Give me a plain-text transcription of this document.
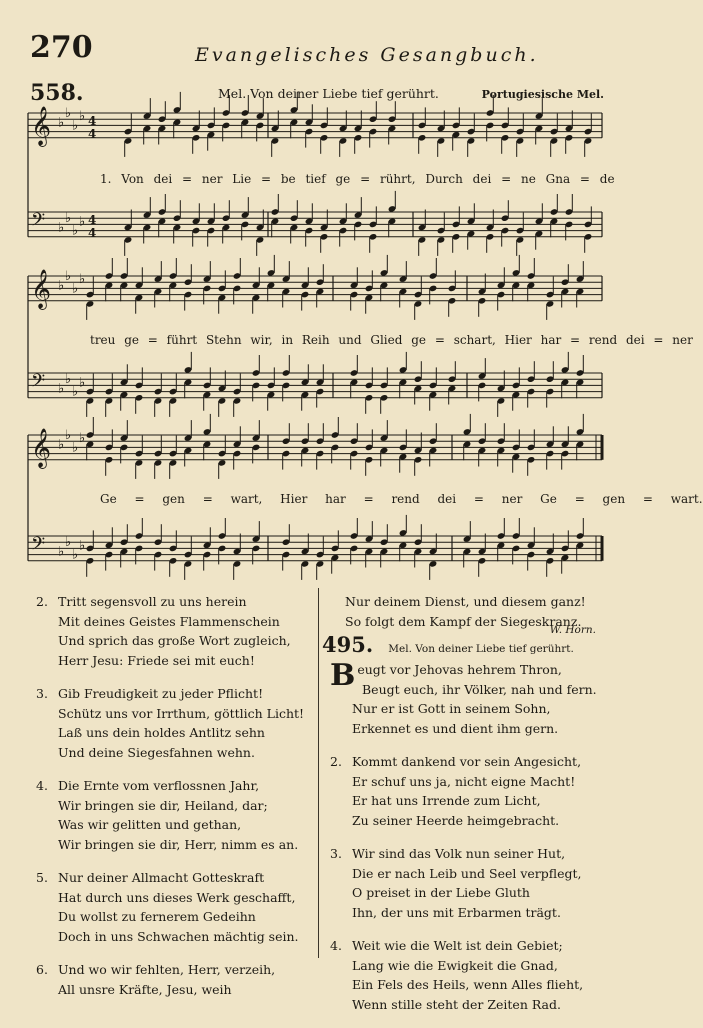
270	Evangelisches Gesangbuch.
558.	Mel. Von deiner Liebe tief gerührt.	Portugiesische Mel.
𝄞 ♭
♭
♭
♭ 4
4
𝄢 ♭
♭
♭
♭ 4
4
𝄞 ♭
♭
♭
♭
𝄢 ♭
♭
♭
♭
𝄞 ♭
♭
♭
♭
𝄢 ♭
♭
♭
♭
1. Von dei = ner Lie = be tief ge = rührt, Durch dei = ne Gna = de
treu ge = führt Stehn wir, in Reih und Glied ge = schart, Hier har = rend dei = ner
Ge = gen = wart, Hier har = rend dei = ner Ge = gen = wart.
2. Tritt segensvoll zu uns herein
Mit deines Geistes Flammenschein
Und sprich das große Wort zugleich,
Herr Jesu: Friede sei mit euch!
3. Gib Freudigkeit zu jeder Pflicht!
Schütz uns vor Irrthum, göttlich Licht!
Laß uns dein holdes Antlitz sehn
Und deine Siegesfahnen wehn.
4. Die Ernte vom verflossnen Jahr,
Wir bringen sie dir, Heiland, dar;
Was wir gelitten und gethan,
Wir bringen sie dir, Herr, nimm es an.
5. Nur deiner Allmacht Gotteskraft
Hat durch uns dieses Werk geschafft,
Du wollst zu fernerem Gedeihn
Doch in uns Schwachen mächtig sein.
6. Und wo wir fehlten, Herr, verzeih,
All unsre Kräfte, Jesu, weih
Nur deinem Dienst, und diesem ganz!
So folgt dem Kampf der Siegeskranz.
W. Horn.
495. Mel. Von deiner Liebe tief gerührt.
B eugt vor Jehovas hehrem Thron,
Beugt euch, ihr Völker, nah und fern.
Nur er ist Gott in seinem Sohn,
Erkennet es und dient ihm gern.
2. Kommt dankend vor sein Angesicht,
Er schuf uns ja, nicht eigne Macht!
Er hat uns Irrende zum Licht,
Zu seiner Heerde heimgebracht.
3. Wir sind das Volk nun seiner Hut,
Die er nach Leib und Seel verpflegt,
O preiset in der Liebe Gluth
Ihn, der uns mit Erbarmen trägt.
4. Weit wie die Welt ist dein Gebiet;
Lang wie die Ewigkeit die Gnad,
Ein Fels des Heils, wenn Alles flieht,
Wenn stille steht der Zeiten Rad.
